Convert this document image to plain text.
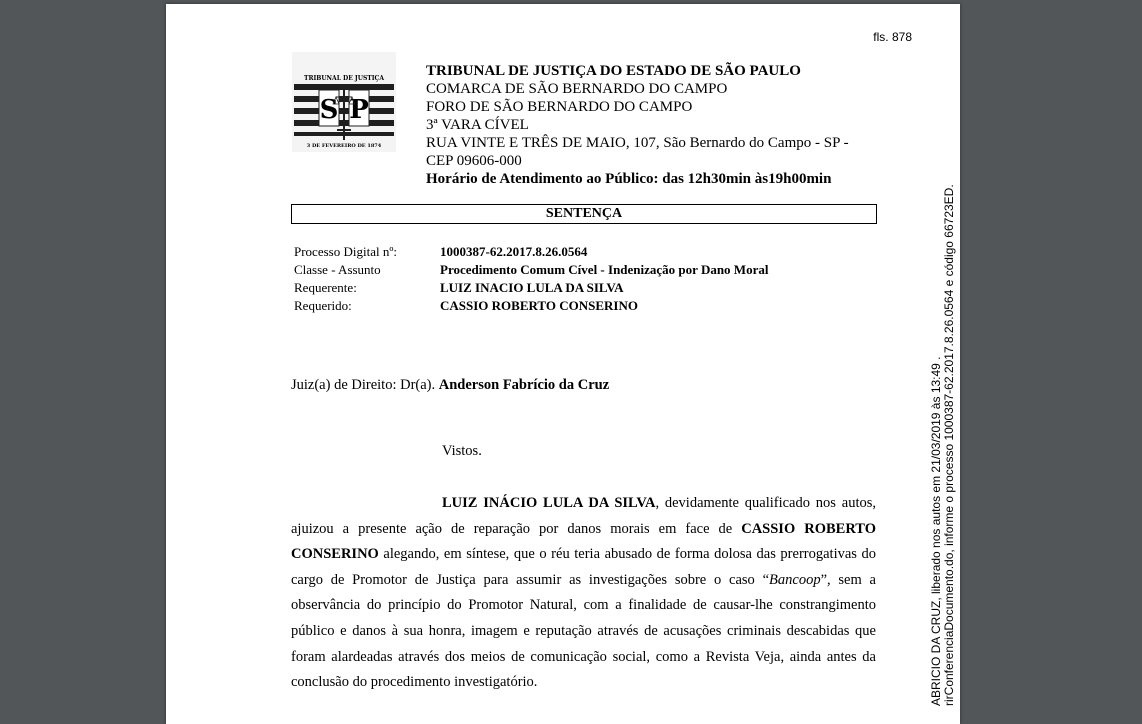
fls. 878
TRIBUNAL DE JUSTIÇA
S P
3 DE FEVEREIRO DE 1874
TRIBUNAL DE JUSTIÇA DO ESTADO DE SÃO PAULO
COMARCA DE SÃO BERNARDO DO CAMPO
FORO DE SÃO BERNARDO DO CAMPO
3ª VARA CÍVEL
RUA VINTE E TRÊS DE MAIO, 107, São Bernardo do Campo - SP -
CEP 09606-000
Horário de Atendimento ao Público: das 12h30min às19h00min
SENTENÇA
Processo Digital nº:	1000387-62.2017.8.26.0564
Classe - Assunto	Procedimento Comum Cível - Indenização por Dano Moral
Requerente:	LUIZ INACIO LULA DA SILVA
Requerido:	CASSIO ROBERTO CONSERINO
Juiz(a) de Direito: Dr(a). Anderson Fabrício da Cruz
Vistos.
LUIZ INÁCIO LULA DA SILVA, devidamente qualificado nos autos, ajuizou a presente ação de reparação por danos morais em face de CASSIO ROBERTO CONSERINO alegando, em síntese, que o réu teria abusado de forma dolosa das prerrogativas do cargo de Promotor de Justiça para assumir as investigações sobre o caso “Bancoop”, sem a observância do princípio do Promotor Natural, com a finalidade de causar-lhe constrangimento público e danos à sua honra, imagem e reputação através de acusações criminais descabidas que foram alardeadas através dos meios de comunicação social, como a Revista Veja, ainda antes da conclusão do procedimento investigatório.	ABRICIO DA CRUZ, liberado nos autos em 21/03/2019 às 13:49 .
rirConferenciaDocumento.do, informe o processo 1000387-62.2017.8.26.0564 e código 66723ED.
